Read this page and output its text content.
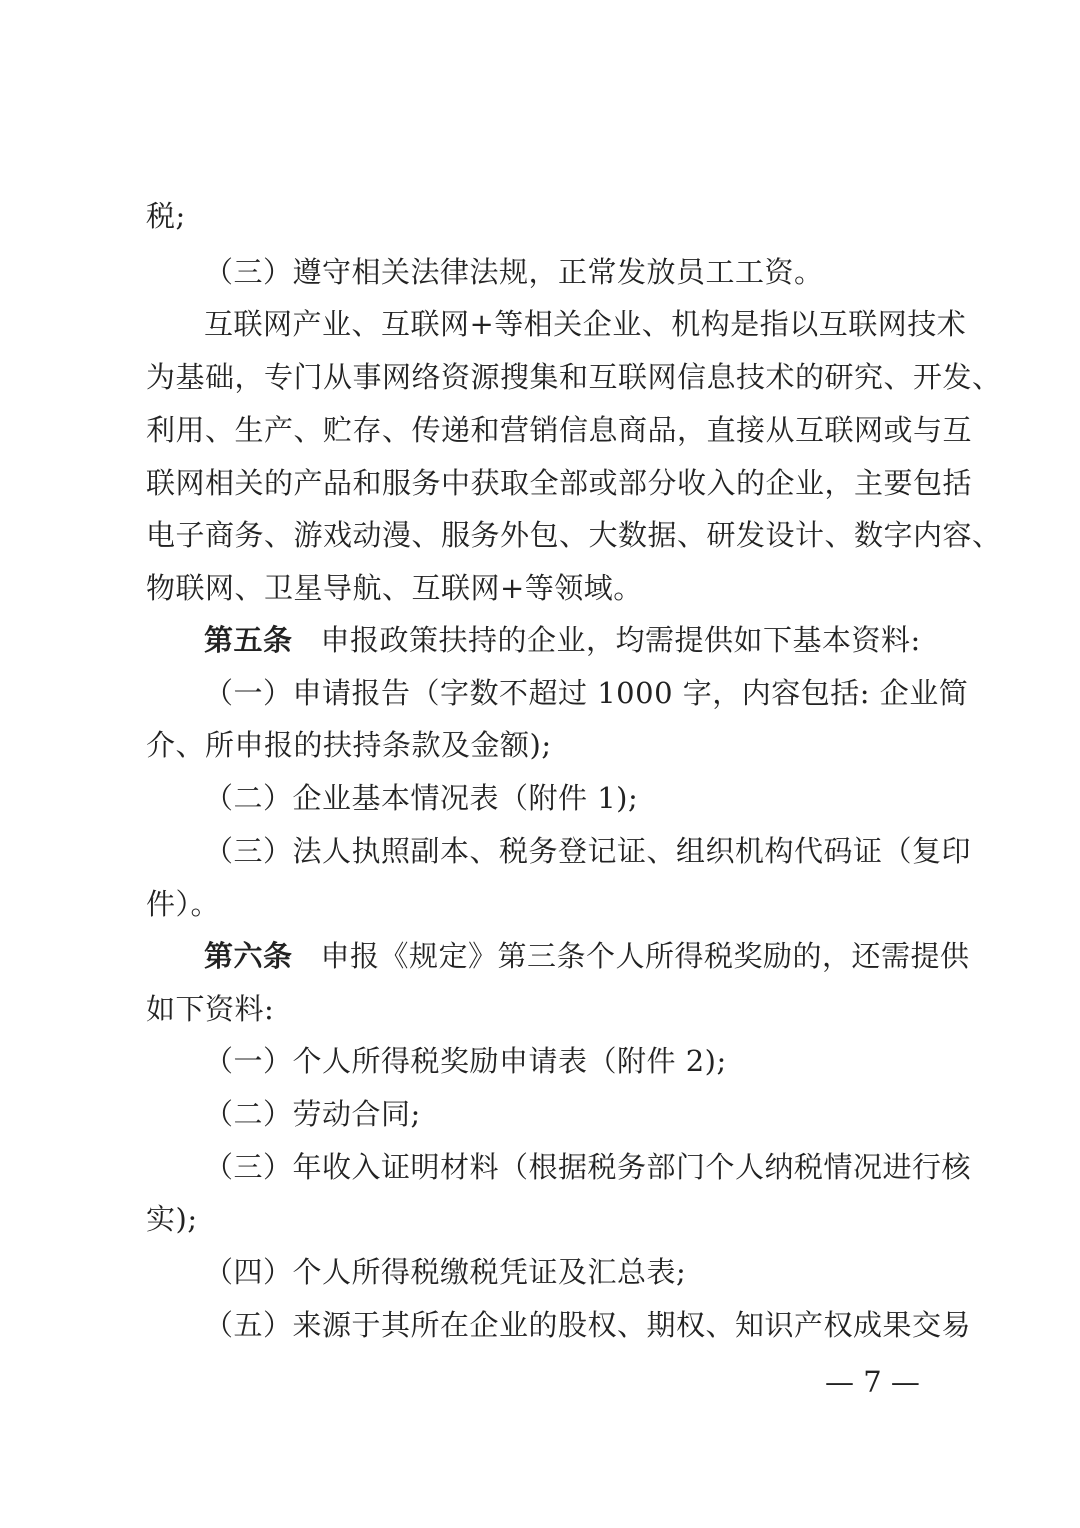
税;
（三）遵守相关法律法规，正常发放员工工资。
互联网产业、互联网+等相关企业、机构是指以互联网技术
为基础，专门从事网络资源搜集和互联网信息技术的研究、开发、
利用、生产、贮存、传递和营销信息商品，直接从互联网或与互
联网相关的产品和服务中获取全部或部分收入的企业，主要包括
电子商务、游戏动漫、服务外包、大数据、研发设计、数字内容、
物联网、卫星导航、互联网+等领域。
第五条 申报政策扶持的企业，均需提供如下基本资料:
（一）申请报告（字数不超过 1000 字，内容包括: 企业简
介、所申报的扶持条款及金额);
（二）企业基本情况表（附件 1);
（三）法人执照副本、税务登记证、组织机构代码证（复印
件）。
第六条 申报《规定》第三条个人所得税奖励的，还需提供
如下资料:
（一）个人所得税奖励申请表（附件 2);
（二）劳动合同;
（三）年收入证明材料（根据税务部门个人纳税情况进行核
实);
（四）个人所得税缴税凭证及汇总表;
（五）来源于其所在企业的股权、期权、知识产权成果交易
— 7 —
